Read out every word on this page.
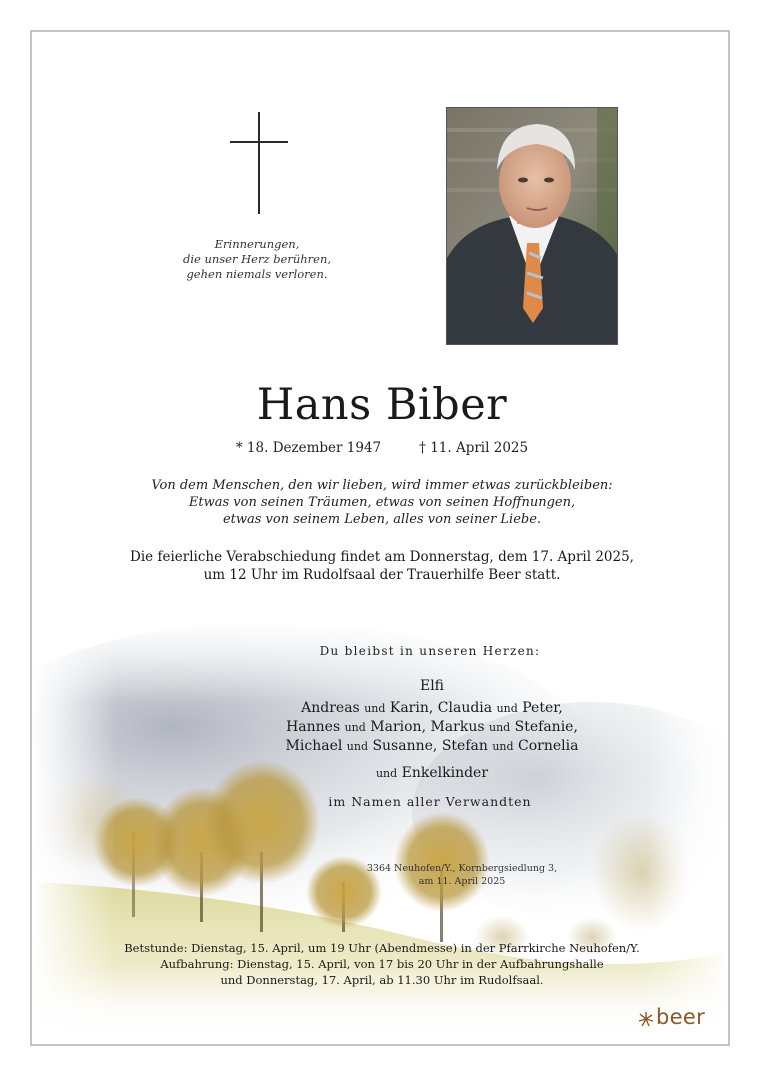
Erinnerungen,
die unser Herz berühren,
gehen niemals verloren.
Hans Biber
* 18. Dezember 1947	† 11. April 2025
Von dem Menschen, den wir lieben, wird immer etwas zurückbleiben:
Etwas von seinen Träumen, etwas von seinen Hoffnungen,
etwas von seinem Leben, alles von seiner Liebe.
Die feierliche Verabschiedung findet am Donnerstag, dem 17. April 2025,
um 12 Uhr im Rudolfsaal der Trauerhilfe Beer statt.
Du bleibst in unseren Herzen:
Elfi
Andreas und Karin, Claudia und Peter,
Hannes und Marion, Markus und Stefanie,
Michael und Susanne, Stefan und Cornelia
und Enkelkinder
im Namen aller Verwandten
3364 Neuhofen/Y., Kornbergsiedlung 3,
am 11. April 2025
Betstunde: Dienstag, 15. April, um 19 Uhr (Abendmesse) in der Pfarrkirche Neuhofen/Y.
Aufbahrung: Dienstag, 15. April, von 17 bis 20 Uhr in der Aufbahrungshalle
und Donnerstag, 17. April, ab 11.30 Uhr im Rudolfsaal.
beer
